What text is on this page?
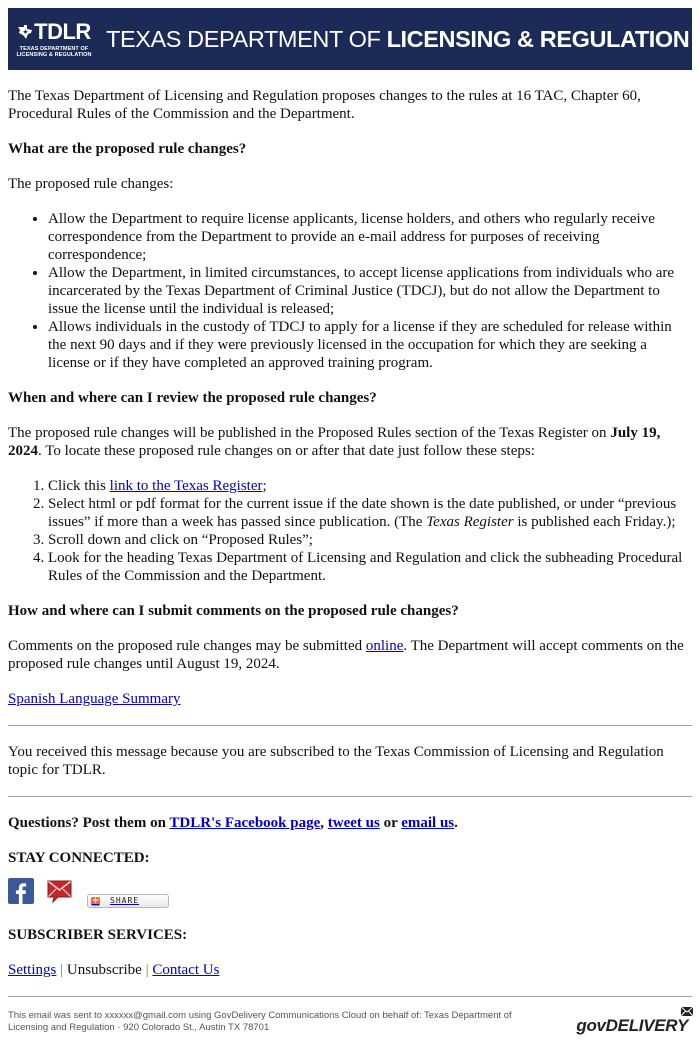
TDLR
TEXAS DEPARTMENT OF
LICENSING & REGULATION
TEXAS DEPARTMENT OF LICENSING & REGULATION

The Texas Department of Licensing and Regulation proposes changes to the rules at 16 TAC, Chapter 60, Procedural Rules of the Commission and the Department.

What are the proposed rule changes?

The proposed rule changes:

• Allow the Department to require license applicants, license holders, and others who regularly receive correspondence from the Department to provide an e-mail address for purposes of receiving correspondence;
• Allow the Department, in limited circumstances, to accept license applications from individuals who are incarcerated by the Texas Department of Criminal Justice (TDCJ), but do not allow the Department to issue the license until the individual is released;
• Allows individuals in the custody of TDCJ to apply for a license if they are scheduled for release within the next 90 days and if they were previously licensed in the occupation for which they are seeking a license or if they have completed an approved training program.
When and where can I review the proposed rule changes?

The proposed rule changes will be published in the Proposed Rules section of the Texas Register on July 19, 2024. To locate these proposed rule changes on or after that date just follow these steps:

1. Click this link to the Texas Register;
2. Select html or pdf format for the current issue if the date shown is the date published, or under “previous issues” if more than a week has passed since publication. (The Texas Register is published each Friday.);
3. Scroll down and click on “Proposed Rules”;
4. Look for the heading Texas Department of Licensing and Regulation and click the subheading Procedural Rules of the Commission and the Department.
How and where can I submit comments on the proposed rule changes?

Comments on the proposed rule changes may be submitted online. The Department will accept comments on the proposed rule changes until August 19, 2024.

Spanish Language Summary

You received this message because you are subscribed to the Texas Commission of Licensing and Regulation topic for TDLR.

Questions? Post them on TDLR's Facebook page, tweet us or email us.

STAY CONNECTED:
+ SHARE
SUBSCRIBER SERVICES:

Settings | Unsubscribe | Contact Us

This email was sent to xxxxxx@gmail.com using GovDelivery Communications Cloud on behalf of: Texas Department of Licensing and Regulation · 920 Colorado St., Austin TX 78701	govDELIVERY
